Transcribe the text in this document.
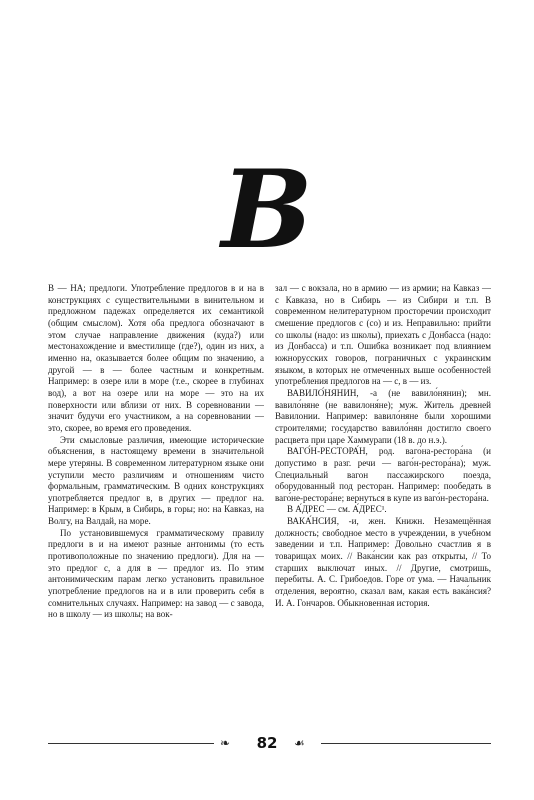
В

В — НА; предлоги. Употребление предлогов в и на в конструкциях с существительными в винительном и предложном падежах определяется их семантикой (общим смыслом). Хотя оба предлога обозначают в этом случае направление движения (куда?) или местонахождение и вместилище (где?), один из них, а именно на, оказывается более общим по значению, а другой — в — более частным и конкретным. Например: в озере или в море (т.е., скорее в глубинах вод), а вот на озере или на море — это на их поверхности или вблизи от них. В соревновании — значит будучи его участником, а на соревновании — это, скорее, во время его проведения.

Эти смысловые различия, имеющие исторические объяснения, в настоящему времени в значительной мере утеряны. В современном литературном языке они уступили место различиям и отношениям чисто формальным, грамматическим. В одних конструкциях употребляется предлог в, в других — предлог на. Например: в Крым, в Сибирь, в горы; но: на Кавказ, на Волгу, на Валдай, на море.

По установившемуся грамматическому правилу предлоги в и на имеют разные антонимы (то есть противоположные по значению предлоги). Для на — это предлог с, а для в — предлог из. По этим антонимическим парам легко установить правильное употребление предлогов на и в или проверить себя в сомнительных случаях. Например: на завод — с завода, но в школу — из школы; на вок-

зал — с вокзала, но в армию — из армии; на Кавказ — с Кавказа, но в Сибирь — из Сибири и т.п. В современном нелитературном просторечии происходит смешение предлогов с (со) и из. Неправильно: прийти со школы (надо: из школы), приехать с Донбасса (надо: из Донбасса) и т.п. Ошибка возникает под влиянием южнорусских говоров, пограничных с украинским языком, в которых не отмеченных выше особенностей употребления предлогов на — с, в — из.

ВАВИЛО́НЯНИН, -а (не вавило́нянин); мн. вавило́няне (не вавилоня́не); муж. Житель древней Вавилонии. Например: вавило́няне были хорошими строителями; государство вавило́нян достигло своего расцвета при царе Хаммурапи (18 в. до н.э.).

ВАГО́Н-РЕСТОРА́Н, род. ваго́на-рестора́на (и допустимо в разг. речи — ваго́н-рестора́на); муж. Специальный вагон пассажирского поезда, оборудованный под ресторан. Например: пообедать в ваго́не-рестора́не; вернуться в купе из ваго́н-рестора́на.

В А́ДРЕС — см. А́ДРЕС¹.

ВАКА́НСИЯ, -и, жен. Книжн. Незамещённая должность; свободное место в учреждении, в учебном заведении и т.п. Например: Довольно счастлив я в товарищах моих. // Вака́нсии как раз открыты, // То старших выключат иных. // Другие, смотришь, перебиты. А. С. Грибоедов. Горе от ума. — Начальник отделения, вероятно, сказал вам, какая есть вака́нсия? И. А. Гончаров. Обыкновенная история.

❧	82	☙
